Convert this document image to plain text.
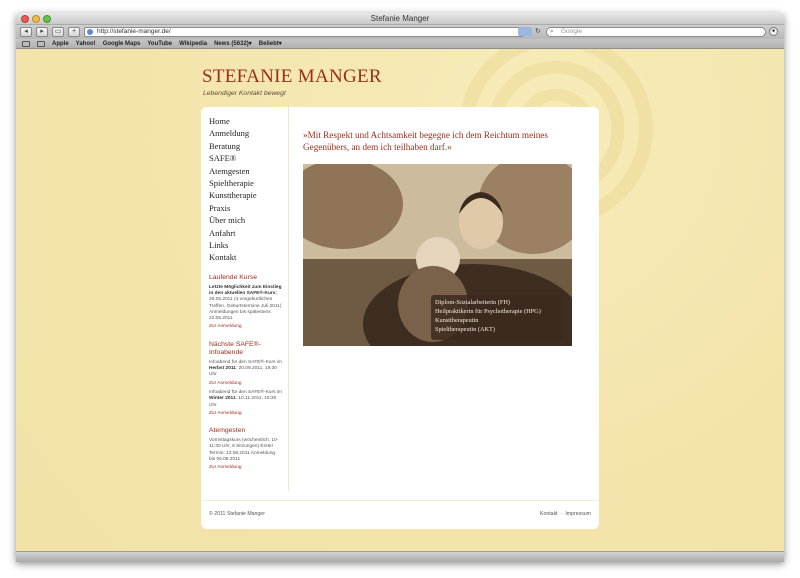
Stefanie Manger
◂	▸	▭	+	http://stefanie-manger.de/	↻ ⌕ Google	●
Apple Yahoo! Google Maps YouTube Wikipedia News (5632)▾ Beliebt▾
STEFANIE MANGER
Lebendiger Kontakt bewegt
Home
Anmeldung
Beratung
SAFE®
Atemgesten
Spieltherapie
Kunsttherapie
Praxis
Über mich
Anfahrt
Links
Kontakt
Laufende Kurse
Letzte Möglichkeit zum Einstieg in den aktuellen SAFE®-Kurs: 26.06.2011 (4.vorgeburtliches Treffen, Geburtstermine Juli 2011) Anmeldungen bis spätestens 22.06.2011
Zur Anmeldung
Nächste SAFE®-Infoabende
Infoabend für den SAFE®-Kurs im Herbst 2011: 20.09.2011, 19:30 Uhr
Zur Anmeldung
Infoabend für den SAFE®-Kurs im Winter 2011: 10.11.2011, 19:30 Uhr
Zur Anmeldung
Atemgesten
Vormittagskurs (wöchentlich, 10-11:30 Uhr, 6 Sitzungen) Erster Termin: 12.08.2011 Anmeldung bis 05.08.2011
Zur Anmeldung
»Mit Respekt und Achtsamkeit begegne ich dem Reichtum meines Gegenübers, an dem ich teilhaben darf.«
Diplom-Sozialarbeiterin (FH)
Heilpraktikerin für Psychotherapie (HPG)
Kunsttherapeutin
Spieltherapeutin (AKT)
© 2011 Stefanie Manger	Kontakt · Impressum
